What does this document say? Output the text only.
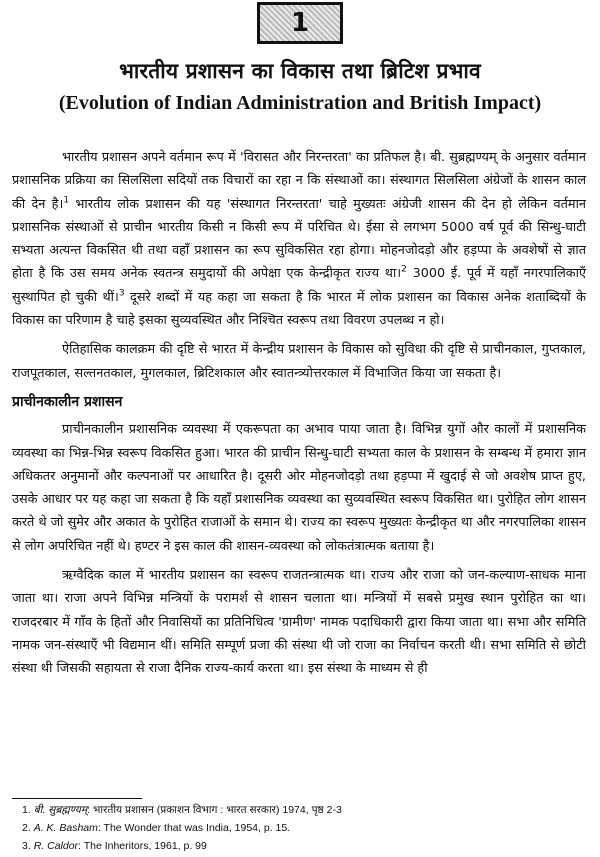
1
भारतीय प्रशासन का विकास तथा ब्रिटिश प्रभाव
(Evolution of Indian Administration and British Impact)

भारतीय प्रशासन अपने वर्तमान रूप में 'विरासत और निरन्तरता' का प्रतिफल है। बी. सुब्रह्मण्यम् के अनुसार वर्तमान प्रशासनिक प्रक्रिया का सिलसिला सदियों तक विचारों का रहा न कि संस्थाओं का। संस्थागत सिलसिला अंग्रेजों के शासन काल की देन है।$^1$ भारतीय लोक प्रशासन की यह 'संस्थागत निरन्तरता' चाहे मुख्यतः अंग्रेजी शासन की देन हो लेकिन वर्तमान प्रशासनिक संस्थाओं से प्राचीन भारतीय किसी न किसी रूप में परिचित थे। ईसा से लगभग 5000 वर्ष पूर्व की सिन्धु-घाटी सभ्यता अत्यन्त विकसित थी तथा वहाँ प्रशासन का रूप सुविकसित रहा होगा। मोहनजोदड़ो और हड़प्पा के अवशेषों से ज्ञात होता है कि उस समय अनेक स्वतन्त्र समुदायों की अपेक्षा एक केन्द्रीकृत राज्य था।$^2$ 3000 ई. पूर्व में यहाँ नगरपालिकाएँ सुस्थापित हो चुकी थीं।$^3$ दूसरे शब्दों में यह कहा जा सकता है कि भारत में लोक प्रशासन का विकास अनेक शताब्दियों के विकास का परिणाम है चाहे इसका सुव्यवस्थित और निश्चित स्वरूप तथा विवरण उपलब्ध न हो।

ऐतिहासिक कालक्रम की दृष्टि से भारत में केन्द्रीय प्रशासन के विकास को सुविधा की दृष्टि से प्राचीनकाल, गुप्तकाल, राजपूतकाल, सल्तनतकाल, मुगलकाल, ब्रिटिशकाल और स्वातन्त्र्योत्तरकाल में विभाजित किया जा सकता है।

प्राचीनकालीन प्रशासन

प्राचीनकालीन प्रशासनिक व्यवस्था में एकरूपता का अभाव पाया जाता है। विभिन्न युगों और कालों में प्रशासनिक व्यवस्था का भिन्न-भिन्न स्वरूप विकसित हुआ। भारत की प्राचीन सिन्धु-घाटी सभ्यता काल के प्रशासन के सम्बन्ध में हमारा ज्ञान अधिकतर अनुमानों और कल्पनाओं पर आधारित है। दूसरी ओर मोहनजोदड़ो तथा हड़प्पा में खुदाई से जो अवशेष प्राप्त हुए, उसके आधार पर यह कहा जा सकता है कि यहाँ प्रशासनिक व्यवस्था का सुव्यवस्थित स्वरूप विकसित था। पुरोहित लोग शासन करते थे जो सुमेर और अकात के पुरोहित राजाओं के समान थे। राज्य का स्वरूप मुख्यतः केन्द्रीकृत था और नगरपालिका शासन से लोग अपरिचित नहीं थे। हण्टर ने इस काल की शासन-व्यवस्था को लोकतंत्रात्मक बताया है।

ऋग्वैदिक काल में भारतीय प्रशासन का स्वरूप राजतन्त्रात्मक था। राज्य और राजा को जन-कल्याण-साधक माना जाता था। राजा अपने विभिन्न मन्त्रियों के परामर्श से शासन चलाता था। मन्त्रियों में सबसे प्रमुख स्थान पुरोहित का था। राजदरबार में गाँव के हितों और निवासियों का प्रतिनिधित्व 'ग्रामीण' नामक पदाधिकारी द्वारा किया जाता था। सभा और समिति नामक जन-संस्थाएँ भी विद्यमान थीं। समिति सम्पूर्ण प्रजा की संस्था थी जो राजा का निर्वाचन करती थी। सभा समिति से छोटी संस्था थी जिसकी सहायता से राजा दैनिक राज्य-कार्य करता था। इस संस्था के माध्यम से ही

1. बी. सुब्रह्मण्यम्: भारतीय प्रशासन (प्रकाशन विभाग : भारत सरकार) 1974, पृष्ठ 2-3
2. A. K. Basham: The Wonder that was India, 1954, p. 15.
3. R. Caldor: The Inheritors, 1961, p. 99
